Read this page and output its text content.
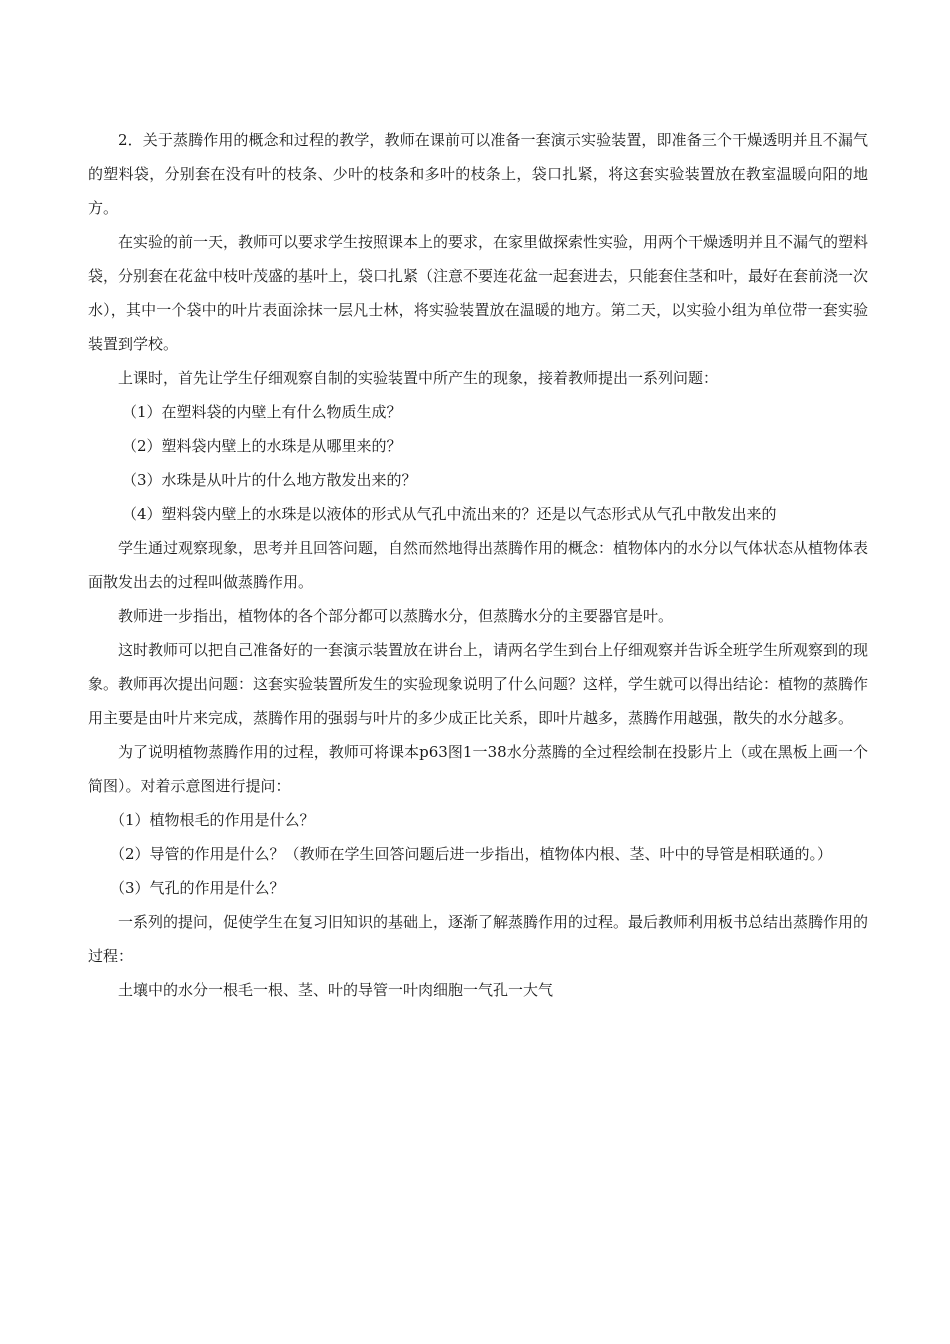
2．关于蒸腾作用的概念和过程的教学，教师在课前可以准备一套演示实验装置，即准备三个干燥透明并且不漏气的塑料袋，分别套在没有叶的枝条、少叶的枝条和多叶的枝条上，袋口扎紧，将这套实验装置放在教室温暖向阳的地方。

在实验的前一天，教师可以要求学生按照课本上的要求，在家里做探索性实验，用两个干燥透明并且不漏气的塑料袋，分别套在花盆中枝叶茂盛的基叶上，袋口扎紧（注意不要连花盆一起套进去，只能套住茎和叶，最好在套前浇一次水），其中一个袋中的叶片表面涂抹一层凡士林，将实验装置放在温暖的地方。第二天，以实验小组为单位带一套实验装置到学校。

上课时，首先让学生仔细观察自制的实验装置中所产生的现象，接着教师提出一系列问题：

（1）在塑料袋的内壁上有什么物质生成？

（2）塑料袋内壁上的水珠是从哪里来的？

（3）水珠是从叶片的什么地方散发出来的？

（4）塑料袋内壁上的水珠是以液体的形式从气孔中流出来的？还是以气态形式从气孔中散发出来的

学生通过观察现象，思考并且回答问题，自然而然地得出蒸腾作用的概念：植物体内的水分以气体状态从植物体表面散发出去的过程叫做蒸腾作用。

教师进一步指出，植物体的各个部分都可以蒸腾水分，但蒸腾水分的主要器官是叶。

这时教师可以把自己准备好的一套演示装置放在讲台上，请两名学生到台上仔细观察并告诉全班学生所观察到的现象。教师再次提出问题：这套实验装置所发生的实验现象说明了什么问题？这样，学生就可以得出结论：植物的蒸腾作用主要是由叶片来完成，蒸腾作用的强弱与叶片的多少成正比关系，即叶片越多，蒸腾作用越强，散失的水分越多。

为了说明植物蒸腾作用的过程，教师可将课本p63图1一38水分蒸腾的全过程绘制在投影片上（或在黑板上画一个简图）。对着示意图进行提问：

（1）植物根毛的作用是什么？

（2）导管的作用是什么？（教师在学生回答问题后进一步指出，植物体内根、茎、叶中的导管是相联通的。）

（3）气孔的作用是什么？

一系列的提问，促使学生在复习旧知识的基础上，逐渐了解蒸腾作用的过程。最后教师利用板书总结出蒸腾作用的过程：

土壤中的水分一根毛一根、茎、叶的导管一叶肉细胞一气孔一大气
